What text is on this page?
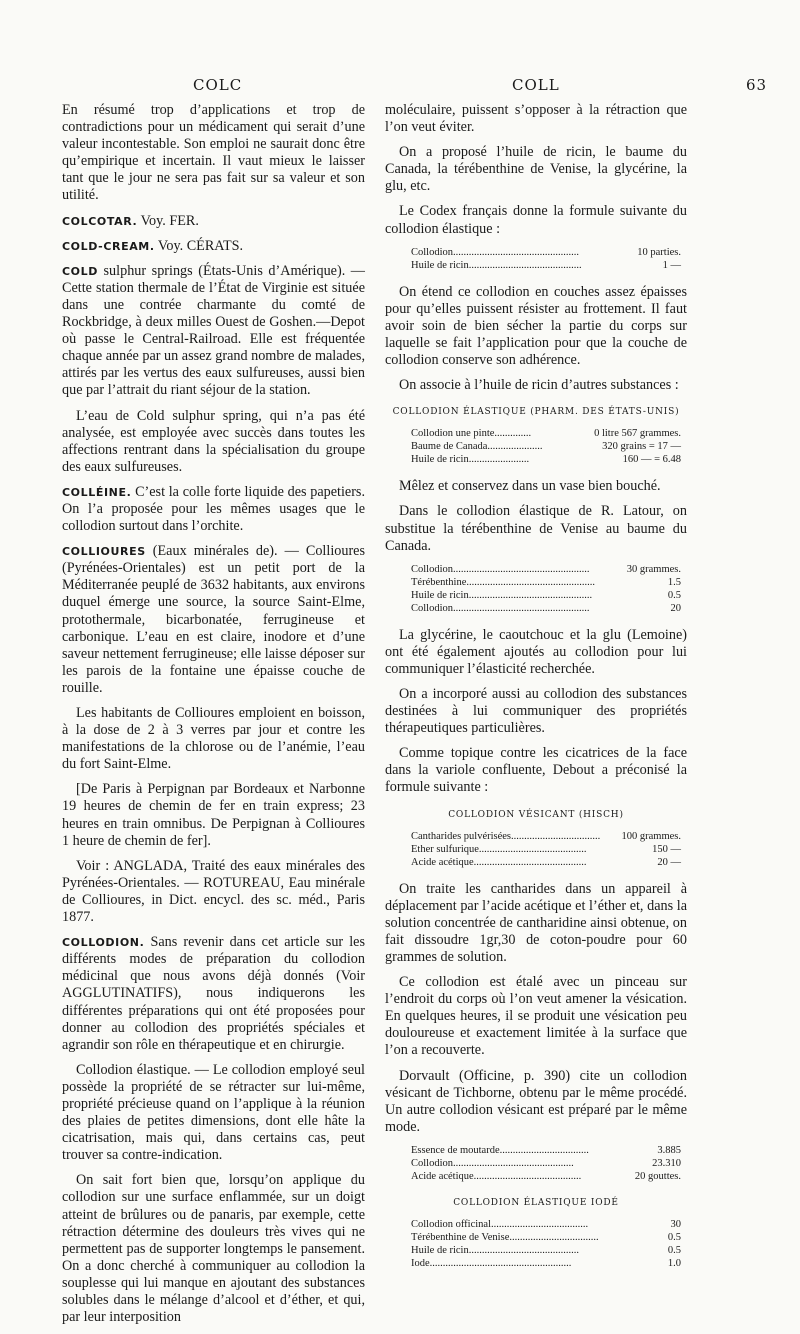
COLC	COLL	63

En résumé trop d’applications et trop de contradictions pour un médicament qui serait d’une valeur incontestable. Son emploi ne saurait donc être qu’empirique et incertain. Il vaut mieux le laisser tant que le jour ne sera pas fait sur sa valeur et son utilité.

COLCOTAR. Voy. FER.

COLD-CREAM. Voy. CÉRATS.

COLD sulphur springs (États-Unis d’Amérique). — Cette station thermale de l’État de Virginie est située dans une contrée charmante du comté de Rockbridge, à deux milles Ouest de Goshen.—Depot où passe le Central-Railroad. Elle est fréquentée chaque année par un assez grand nombre de malades, attirés par les vertus des eaux sulfureuses, aussi bien que par l’attrait du riant séjour de la station.

L’eau de Cold sulphur spring, qui n’a pas été analysée, est employée avec succès dans toutes les affections rentrant dans la spécialisation du groupe des eaux sulfureuses.

COLLÉINE. C’est la colle forte liquide des papetiers. On l’a proposée pour les mêmes usages que le collodion surtout dans l’orchite.

COLLIOURES (Eaux minérales de). — Collioures (Pyrénées-Orientales) est un petit port de la Méditerranée peuplé de 3632 habitants, aux environs duquel émerge une source, la source Saint-Elme, protothermale, bicarbonatée, ferrugineuse et carbonique. L’eau en est claire, inodore et d’une saveur nettement ferrugineuse; elle laisse déposer sur les parois de la fontaine une épaisse couche de rouille.

Les habitants de Collioures emploient en boisson, à la dose de 2 à 3 verres par jour et contre les manifestations de la chlorose ou de l’anémie, l’eau du fort Saint-Elme.

[De Paris à Perpignan par Bordeaux et Narbonne 19 heures de chemin de fer en train express; 23 heures en train omnibus. De Perpignan à Collioures 1 heure de chemin de fer].

Voir : ANGLADA, Traité des eaux minérales des Pyrénées-Orientales. — ROTUREAU, Eau minérale de Collioures, in Dict. encycl. des sc. méd., Paris 1877.

COLLODION. Sans revenir dans cet article sur les différents modes de préparation du collodion médicinal que nous avons déjà donnés (Voir AGGLUTINATIFS), nous indiquerons les différentes préparations qui ont été proposées pour donner au collodion des propriétés spéciales et agrandir son rôle en thérapeutique et en chirurgie.

Collodion élastique. — Le collodion employé seul possède la propriété de se rétracter sur lui-même, propriété précieuse quand on l’applique à la réunion des plaies de petites dimensions, dont elle hâte la cicatrisation, mais qui, dans certains cas, peut trouver sa contre-indication.

On sait fort bien que, lorsqu’on applique du collodion sur une surface enflammée, sur un doigt atteint de brûlures ou de panaris, par exemple, cette rétraction détermine des douleurs très vives qui ne permettent pas de supporter longtemps le pansement. On a donc cherché à communiquer au collodion la souplesse qui lui manque en ajoutant des substances solubles dans le mélange d’alcool et d’éther, et qui, par leur interposition

moléculaire, puissent s’opposer à la rétraction que l’on veut éviter.

On a proposé l’huile de ricin, le baume du Canada, la térébenthine de Venise, la glycérine, la glu, etc.

Le Codex français donne la formule suivante du collodion élastique :

Collodion................................................	10 parties.
Huile de ricin...........................................	1 —

On étend ce collodion en couches assez épaisses pour qu’elles puissent résister au frottement. Il faut avoir soin de bien sécher la partie du corps sur laquelle se fait l’application pour que la couche de collodion conserve son adhérence.

On associe à l’huile de ricin d’autres substances :

COLLODION ÉLASTIQUE (PHARM. DES ÉTATS-UNIS)
Collodion une pinte..............	0 litre 567 grammes.
Baume de Canada.....................	320 grains = 17 —
Huile de ricin.......................	160 — = 6.48

Mêlez et conservez dans un vase bien bouché.

Dans le collodion élastique de R. Latour, on substitue la térébenthine de Venise au baume du Canada.

Collodion....................................................	30 grammes.
Térébenthine.................................................	1.5
Huile de ricin...............................................	0.5
Collodion....................................................	20

La glycérine, le caoutchouc et la glu (Lemoine) ont été également ajoutés au collodion pour lui communiquer l’élasticité recherchée.

On a incorporé aussi au collodion des substances destinées à lui communiquer des propriétés thérapeutiques particulières.

Comme topique contre les cicatrices de la face dans la variole confluente, Debout a préconisé la formule suivante :

COLLODION VÉSICANT (HISCH)
Cantharides pulvérisées..................................	100 grammes.
Ether sulfurique.........................................	150 —
Acide acétique...........................................	20 —

On traite les cantharides dans un appareil à déplacement par l’acide acétique et l’éther et, dans la solution concentrée de cantharidine ainsi obtenue, on fait dissoudre 1gr,30 de coton-poudre pour 60 grammes de solution.

Ce collodion est étalé avec un pinceau sur l’endroit du corps où l’on veut amener la vésication. En quelques heures, il se produit une vésication peu douloureuse et exactement limitée à la surface que l’on a recouverte.

Dorvault (Officine, p. 390) cite un collodion vésicant de Tichborne, obtenu par le même procédé. Un autre collodion vésicant est préparé par le même mode.

Essence de moutarde..................................	3.885
Collodion..............................................	23.310
Acide acétique.........................................	20 gouttes.
COLLODION ÉLASTIQUE IODÉ
Collodion officinal.....................................	30
Térébenthine de Venise..................................	0.5
Huile de ricin..........................................	0.5
Iode......................................................	1.0
